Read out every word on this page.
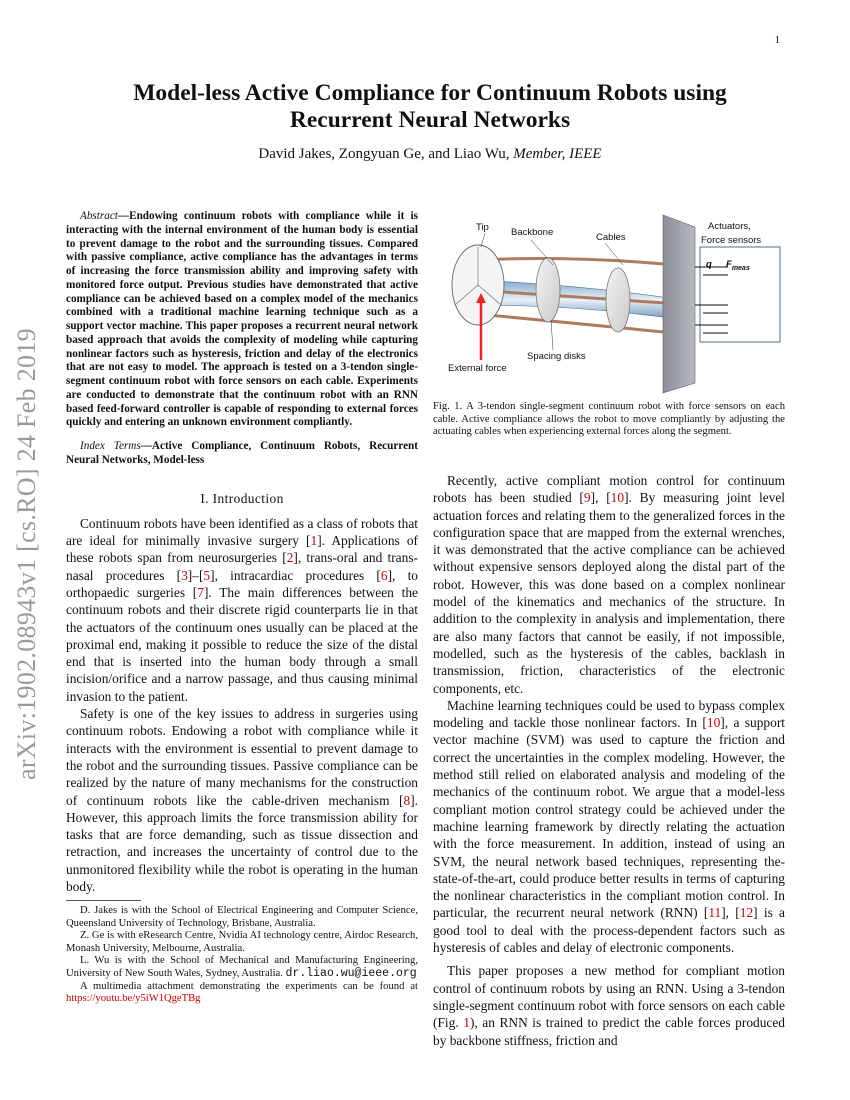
1
arXiv:1902.08943v1 [cs.RO] 24 Feb 2019
Model-less Active Compliance for Continuum Robots using Recurrent Neural Networks
David Jakes, Zongyuan Ge, and Liao Wu, Member, IEEE

Abstract—Endowing continuum robots with compliance while it is interacting with the internal environment of the human body is essential to prevent damage to the robot and the surrounding tissues. Compared with passive compliance, active compliance has the advantages in terms of increasing the force transmission ability and improving safety with monitored force output. Previous studies have demonstrated that active compliance can be achieved based on a complex model of the mechanics combined with a traditional machine learning technique such as a support vector machine. This paper proposes a recurrent neural network based approach that avoids the complexity of modeling while capturing nonlinear factors such as hysteresis, friction and delay of the electronics that are not easy to model. The approach is tested on a 3-tendon single-segment continuum robot with force sensors on each cable. Experiments are conducted to demonstrate that the continuum robot with an RNN based feed-forward controller is capable of responding to external forces quickly and entering an unknown environment compliantly.

Index Terms—Active Compliance, Continuum Robots, Recurrent Neural Networks, Model-less

I. Introduction

Continuum robots have been identified as a class of robots that are ideal for minimally invasive surgery [1]. Applications of these robots span from neurosurgeries [2], trans-oral and trans-nasal procedures [3]–[5], intracardiac procedures [6], to orthopaedic surgeries [7]. The main differences between the continuum robots and their discrete rigid counterparts lie in that the actuators of the continuum ones usually can be placed at the proximal end, making it possible to reduce the size of the distal end that is inserted into the human body through a small incision/orifice and a narrow passage, and thus causing minimal invasion to the patient.

Safety is one of the key issues to address in surgeries using continuum robots. Endowing a robot with compliance while it interacts with the environment is essential to prevent damage to the robot and the surrounding tissues. Passive compliance can be realized by the nature of many mechanisms for the construction of continuum robots like the cable-driven mechanism [8]. However, this approach limits the force transmission ability for tasks that are force demanding, such as tissue dissection and retraction, and increases the uncertainty of control due to the unmonitored flexibility while the robot is operating in the human body.

D. Jakes is with the School of Electrical Engineering and Computer Science, Queensland University of Technology, Brisbane, Australia.

Z. Ge is with eResearch Centre, Nvidia AI technology centre, Airdoc Research, Monash University, Melbourne, Australia.

L. Wu is with the School of Mechanical and Manufacturing Engineering, University of New South Wales, Sydney, Australia. dr.liao.wu@ieee.org

A multimedia attachment demonstrating the experiments can be found at https://youtu.be/y5iW1QgeTBg

Tip Backbone	Cables
Actuators,
Force sensors
q $F_{meas}$
Spacing disks
External force
Fig. 1. A 3-tendon single-segment continuum robot with force sensors on each cable. Active compliance allows the robot to move compliantly by adjusting the actuating cables when experiencing external forces along the segment.

Recently, active compliant motion control for continuum robots has been studied [9], [10]. By measuring joint level actuation forces and relating them to the generalized forces in the configuration space that are mapped from the external wrenches, it was demonstrated that the active compliance can be achieved without expensive sensors deployed along the distal part of the robot. However, this was done based on a complex nonlinear model of the kinematics and mechanics of the structure. In addition to the complexity in analysis and implementation, there are also many factors that cannot be easily, if not impossible, modelled, such as the hysteresis of the cables, backlash in transmission, friction, characteristics of the electronic components, etc.

Machine learning techniques could be used to bypass complex modeling and tackle those nonlinear factors. In [10], a support vector machine (SVM) was used to capture the friction and correct the uncertainties in the complex modeling. However, the method still relied on elaborated analysis and modeling of the mechanics of the continuum robot. We argue that a model-less compliant motion control strategy could be achieved under the machine learning framework by directly relating the actuation with the force measurement. In addition, instead of using an SVM, the neural network based techniques, representing the-state-of-the-art, could produce better results in terms of capturing the nonlinear characteristics in the compliant motion control. In particular, the recurrent neural network (RNN) [11], [12] is a good tool to deal with the process-dependent factors such as hysteresis of cables and delay of electronic components.

This paper proposes a new method for compliant motion control of continuum robots by using an RNN. Using a 3-tendon single-segment continuum robot with force sensors on each cable (Fig. 1), an RNN is trained to predict the cable forces produced by backbone stiffness, friction and
